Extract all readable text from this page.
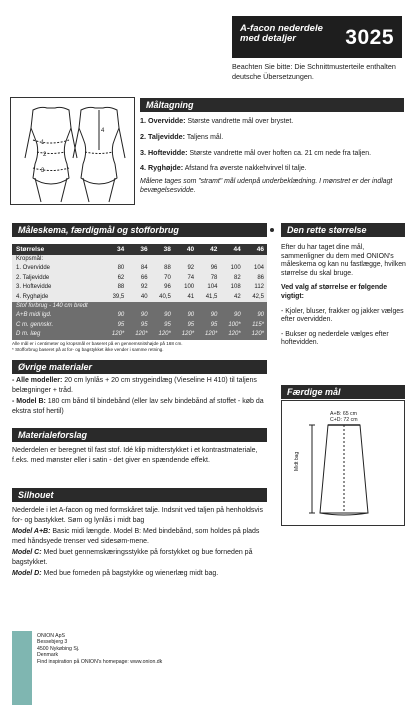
A-facon nederdele med detaljer	3025
Beachten Sie bitte: Die Schnittmusterteile enthalten deutsche Übersetzungen.
Måltagning
1
2
3
4

1. Overvidde: Største vandrette mål over brystet.

2. Taljevidde: Taljens mål.

3. Hoftevidde: Største vandrette mål over hoften ca. 21 cm nede fra taljen.

4. Ryghøjde: Afstand fra øverste nakkehvirvel til talje.

Målene tages som "stramt" mål udenpå underbeklædning. I mønstret er der indlagt bevægelsesvidde.

Måleskema, færdigmål og stofforbrug
Størrelse	34	36	38	40	42	44	46
Kropsmål:							
1. Overvidde	80	84	88	92	96	100	104
2. Taljevidde	62	66	70	74	78	82	86
3. Hoftevidde	88	92	96	100	104	108	112
4. Ryghøjde	39,5	40	40,5	41	41,5	42	42,5
Stof forbrug - 140 cm bredt							
A+B midi lgd.	90	90	90	90	90	90	90
C m. gennskr.	95	95	95	95	95	100*	115*
D m. læg	120*	120*	120*	120*	120*	120*	120*
Alle mål er i centimeter og kropsmål er baseret på en gennemsnitshøjde på 168 cm.
* Stofforbrug baseret på at for- og bagstykket ikke vender i samme retning.
Øvrige materialer

- Alle modeller: 20 cm lynlås + 20 cm strygeindlæg (Vieseline H 410) til taljens belægninger + tråd.

- Model B: 180 cm bånd til bindebånd (eller lav selv bindebånd af stoffet - køb da ekstra stof hertil)

Materialeforslag
Nederdelen er beregnet til fast stof. Idé klip midterstykket i et kontrastmateriale, f.eks. med mønster eller i satin - det giver en spændende effekt.
Silhouet

Nederdele i let A-facon og med formskåret talje. Indsnit ved taljen på henholdsvis for- og bastykket. Søm og lynlås i midt bag

Model A+B: Basic midi længde. Model B: Med bindebånd, som holdes på plads med håndsyede trenser ved sidesøm-mene.

Model C: Med buet gennemskæringsstykke på forstykket og bue forneden på bagstykket.

Model D: Med bue forneden på bagstykke og wienerlæg midt bag.

Den rette størrelse

Efter du har taget dine mål, sammenligner du dem med ONION's måleskema og kan nu fastlægge, hvilken størrelse du skal bruge.

Ved valg af størrelse er følgende vigtigt:

- Kjoler, bluser, frakker og jakker vælges efter overvidden.

- Bukser og nederdele vælges efter hoftevidden.

Færdige mål
A+B: 65 cm
C+D: 72 cm
Midt bag
ONION ApS
Bessebjerg 3
4500 Nykøbing Sj.
Denmark
Find inspiration på ONION's homepage: www.onion.dk
